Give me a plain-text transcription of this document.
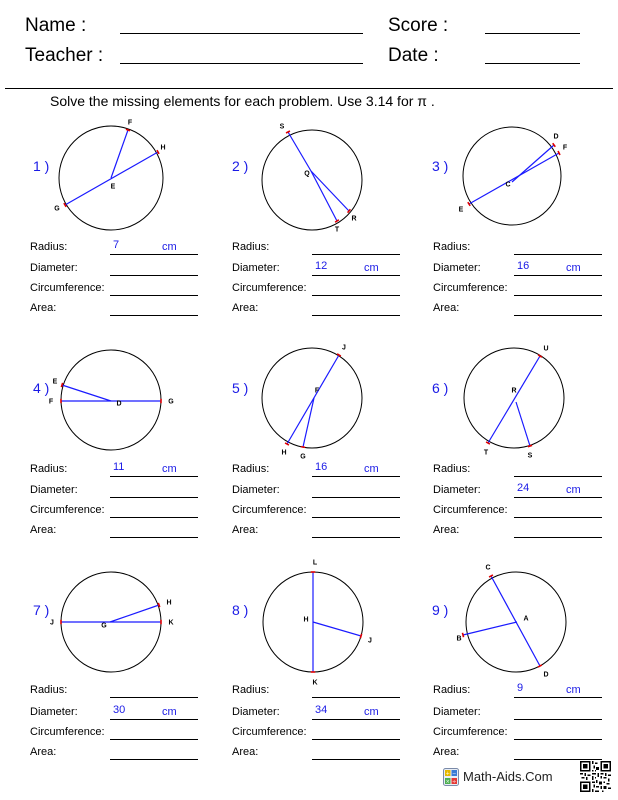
Name :	Score :
Teacher :	Date :
Solve the missing elements for each problem. Use 3.14 for π .
E
F
H
G
Q
S
R
T
C
D
F
E
D
E
F	G
F
J
H
G
R
U
T	S
G
H
J	K	H
L
J
K
A
C
B
D
1 )
Radius:	7	cm
Diameter:
Circumference:
Area:
2 )
Radius:
Diameter:	12	cm
Circumference:
Area:
3 )
Radius:
Diameter:	16	cm
Circumference:
Area:
4 )
Radius:	11	cm
Diameter:
Circumference:
Area:
5 )
Radius:	16	cm
Diameter:
Circumference:
Area:
6 )
Radius:
Diameter:	24	cm
Circumference:
Area:
7 )
Radius:
Diameter:	30	cm
Circumference:
Area:
8 )
Radius:
Diameter:	34	cm
Circumference:
Area:
9 )
Radius:	9	cm
Diameter:
Circumference:
Area:
+ −
× ÷ Math-Aids.Com
